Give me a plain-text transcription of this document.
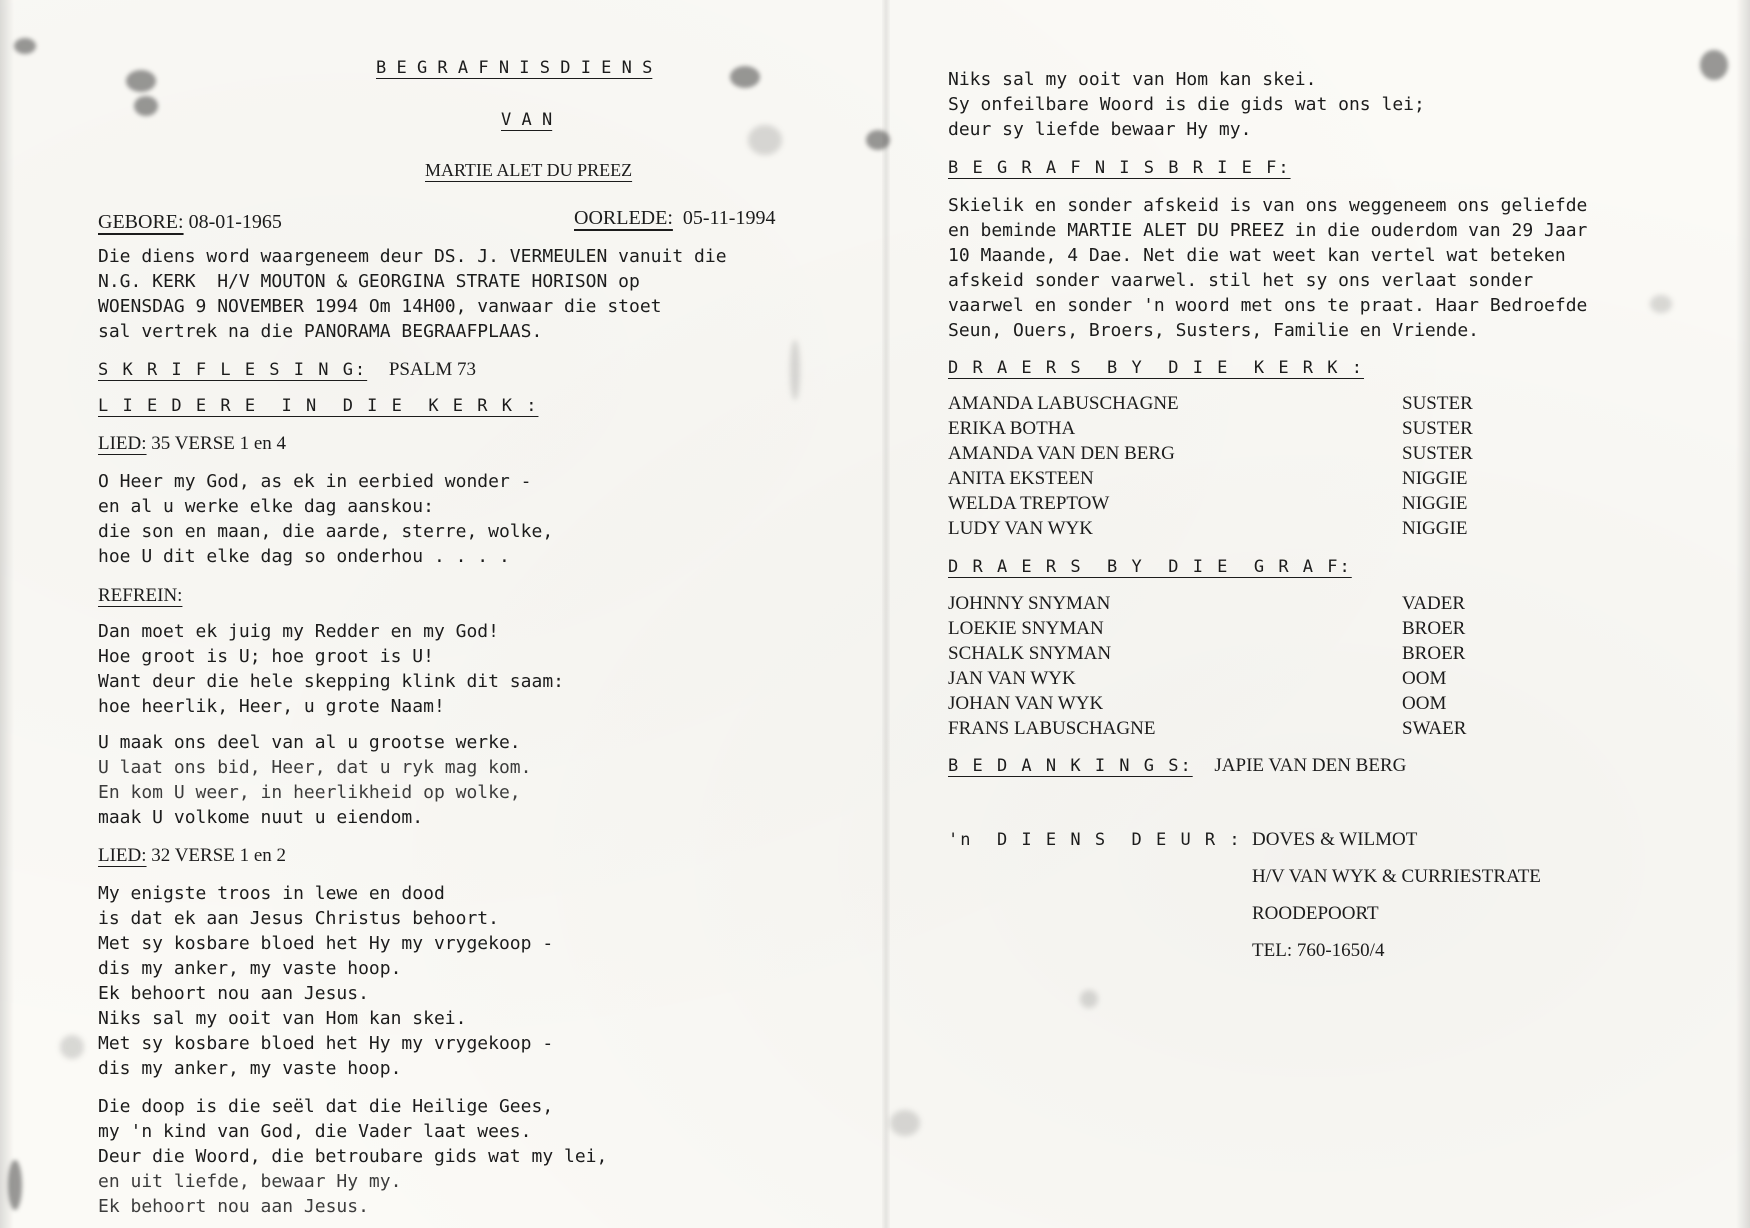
B E G R A F N I S D I E N S
V A N
MARTIE ALET DU PREEZ
GEBORE: 08-01-1965	OORLEDE: 05-11-1994
Die diens word waargeneem deur DS. J. VERMEULEN vanuit die
N.G. KERK  H/V MOUTON & GEORGINA STRATE HORISON op
WOENSDAG 9 NOVEMBER 1994 Om 14H00, vanwaar die stoet
sal vertrek na die PANORAMA BEGRAAFPLAAS.
S K R I F L E S I N G: PSALM 73
L I E D E R E  I N  D I E  K E R K :
LIED: 35 VERSE 1 en 4
O Heer my God, as ek in eerbied wonder -
en al u werke elke dag aanskou:
die son en maan, die aarde, sterre, wolke,
hoe U dit elke dag so onderhou . . . .
REFREIN:
Dan moet ek juig my Redder en my God!
Hoe groot is U; hoe groot is U!
Want deur die hele skepping klink dit saam:
hoe heerlik, Heer, u grote Naam!
U maak ons deel van al u grootse werke.
U laat ons bid, Heer, dat u ryk mag kom.
En kom U weer, in heerlikheid op wolke,
maak U volkome nuut u eiendom.
LIED: 32 VERSE 1 en 2
My enigste troos in lewe en dood
is dat ek aan Jesus Christus behoort.
Met sy kosbare bloed het Hy my vrygekoop -
dis my anker, my vaste hoop.
Ek behoort nou aan Jesus.
Niks sal my ooit van Hom kan skei.
Met sy kosbare bloed het Hy my vrygekoop -
dis my anker, my vaste hoop.
Die doop is die seël dat die Heilige Gees,
my 'n kind van God, die Vader laat wees.
Deur die Woord, die betroubare gids wat my lei,
en uit liefde, bewaar Hy my.
Ek behoort nou aan Jesus.
Niks sal my ooit van Hom kan skei.
Sy onfeilbare Woord is die gids wat ons lei;
deur sy liefde bewaar Hy my.
B E G R A F N I S B R I E F:
Skielik en sonder afskeid is van ons weggeneem ons geliefde
en beminde MARTIE ALET DU PREEZ in die ouderdom van 29 Jaar
10 Maande, 4 Dae. Net die wat weet kan vertel wat beteken
afskeid sonder vaarwel. stil het sy ons verlaat sonder
vaarwel en sonder 'n woord met ons te praat. Haar Bedroefde
Seun, Ouers, Broers, Susters, Familie en Vriende.
D R A E R S  B Y  D I E  K E R K :
AMANDA LABUSCHAGNE	SUSTER
ERIKA BOTHA	SUSTER
AMANDA VAN DEN BERG	SUSTER
ANITA EKSTEEN	NIGGIE
WELDA TREPTOW	NIGGIE
LUDY VAN WYK	NIGGIE
D R A E R S  B Y  D I E  G R A F:
JOHNNY SNYMAN	VADER
LOEKIE SNYMAN	BROER
SCHALK SNYMAN	BROER
JAN VAN WYK	OOM
JOHAN VAN WYK	OOM
FRANS LABUSCHAGNE	SWAER
B E D A N K I N G S: JAPIE VAN DEN BERG
'n  D I E N S  D E U R : DOVES & WILMOT
H/V VAN WYK & CURRIESTRATE
ROODEPOORT
TEL: 760-1650/4
